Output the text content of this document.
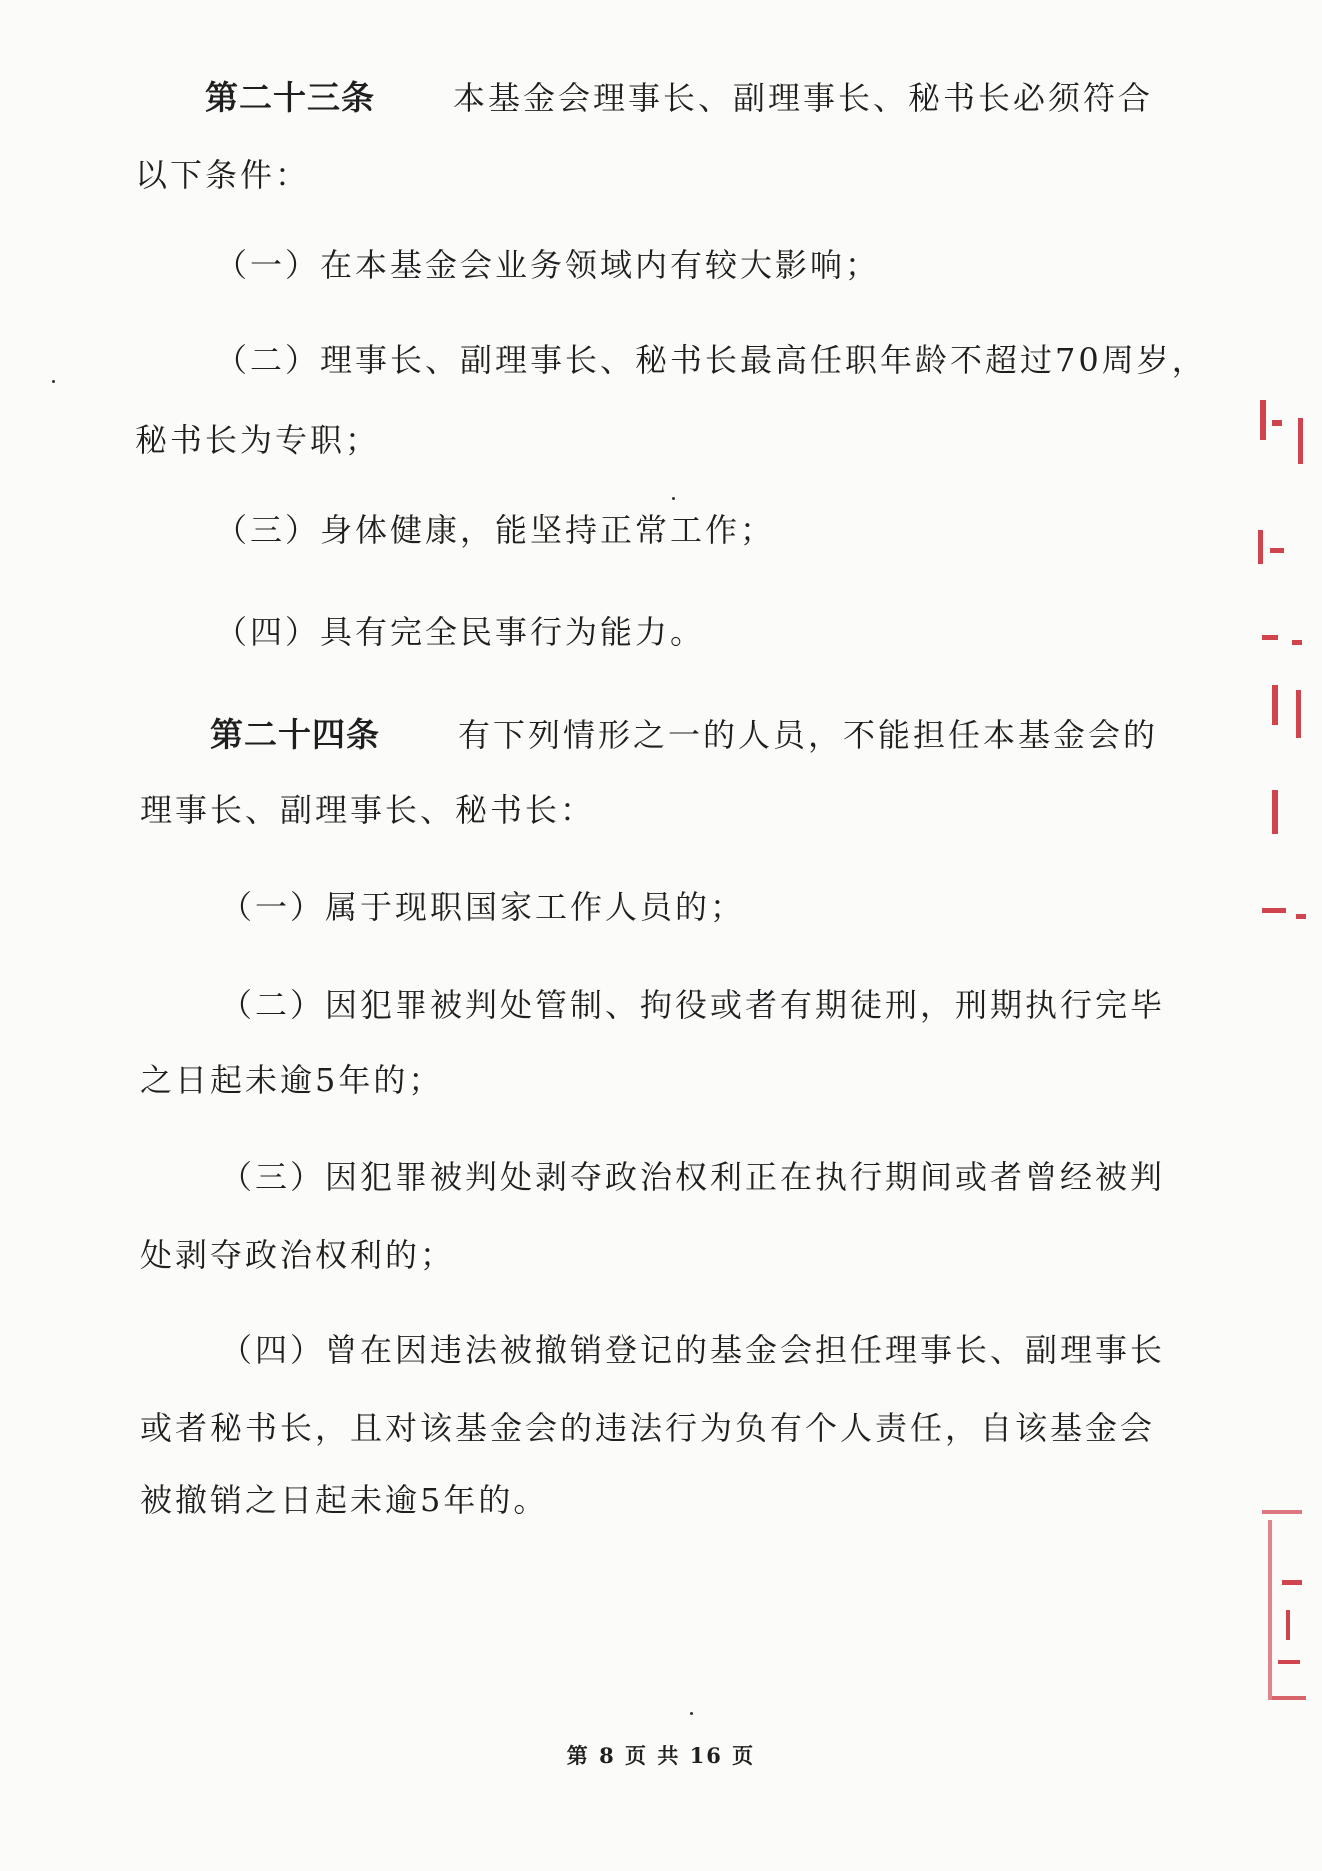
第二十三条 本基金会理事长、副理事长、秘书长必须符合
以下条件：
（一）在本基金会业务领域内有较大影响；
（二）理事长、副理事长、秘书长最高任职年龄不超过70周岁，
秘书长为专职；
（三）身体健康，能坚持正常工作；
（四）具有完全民事行为能力。
第二十四条 有下列情形之一的人员，不能担任本基金会的
理事长、副理事长、秘书长：
（一）属于现职国家工作人员的；
（二）因犯罪被判处管制、拘役或者有期徒刑，刑期执行完毕
之日起未逾5年的；
（三）因犯罪被判处剥夺政治权利正在执行期间或者曾经被判
处剥夺政治权利的；
（四）曾在因违法被撤销登记的基金会担任理事长、副理事长
或者秘书长，且对该基金会的违法行为负有个人责任，自该基金会
被撤销之日起未逾5年的。
第 8 页 共 16 页
